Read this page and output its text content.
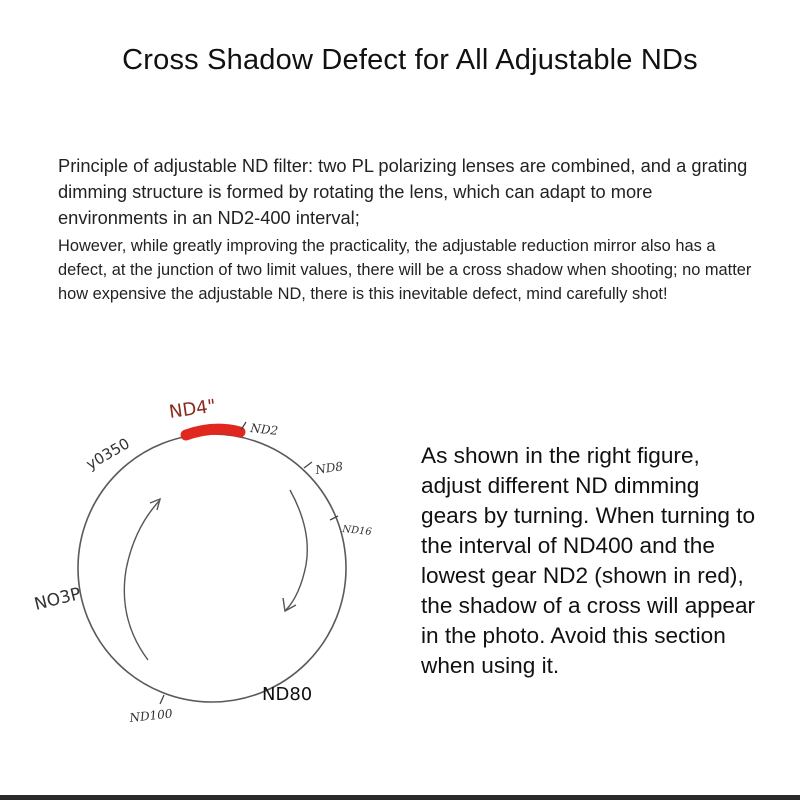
Cross Shadow Defect for All Adjustable NDs
Principle of adjustable ND filter: two PL polarizing lenses are combined, and a grating dimming structure is formed by rotating the lens, which can adapt to more environments in an ND2-400 interval;
However, while greatly improving the practicality, the adjustable reduction mirror also has a defect, at the junction of two limit values, there will be a cross shadow when shooting; no matter how expensive the adjustable ND, there is this inevitable defect, mind carefully shot!
ND4"
ND2
ND8
ND16
y0350
NO3P
ND80
ND100
As shown in the right figure, adjust different ND dimming gears by turning. When turning to the interval of ND400 and the lowest gear ND2 (shown in red), the shadow of a cross will appear in the photo. Avoid this section when using it.
